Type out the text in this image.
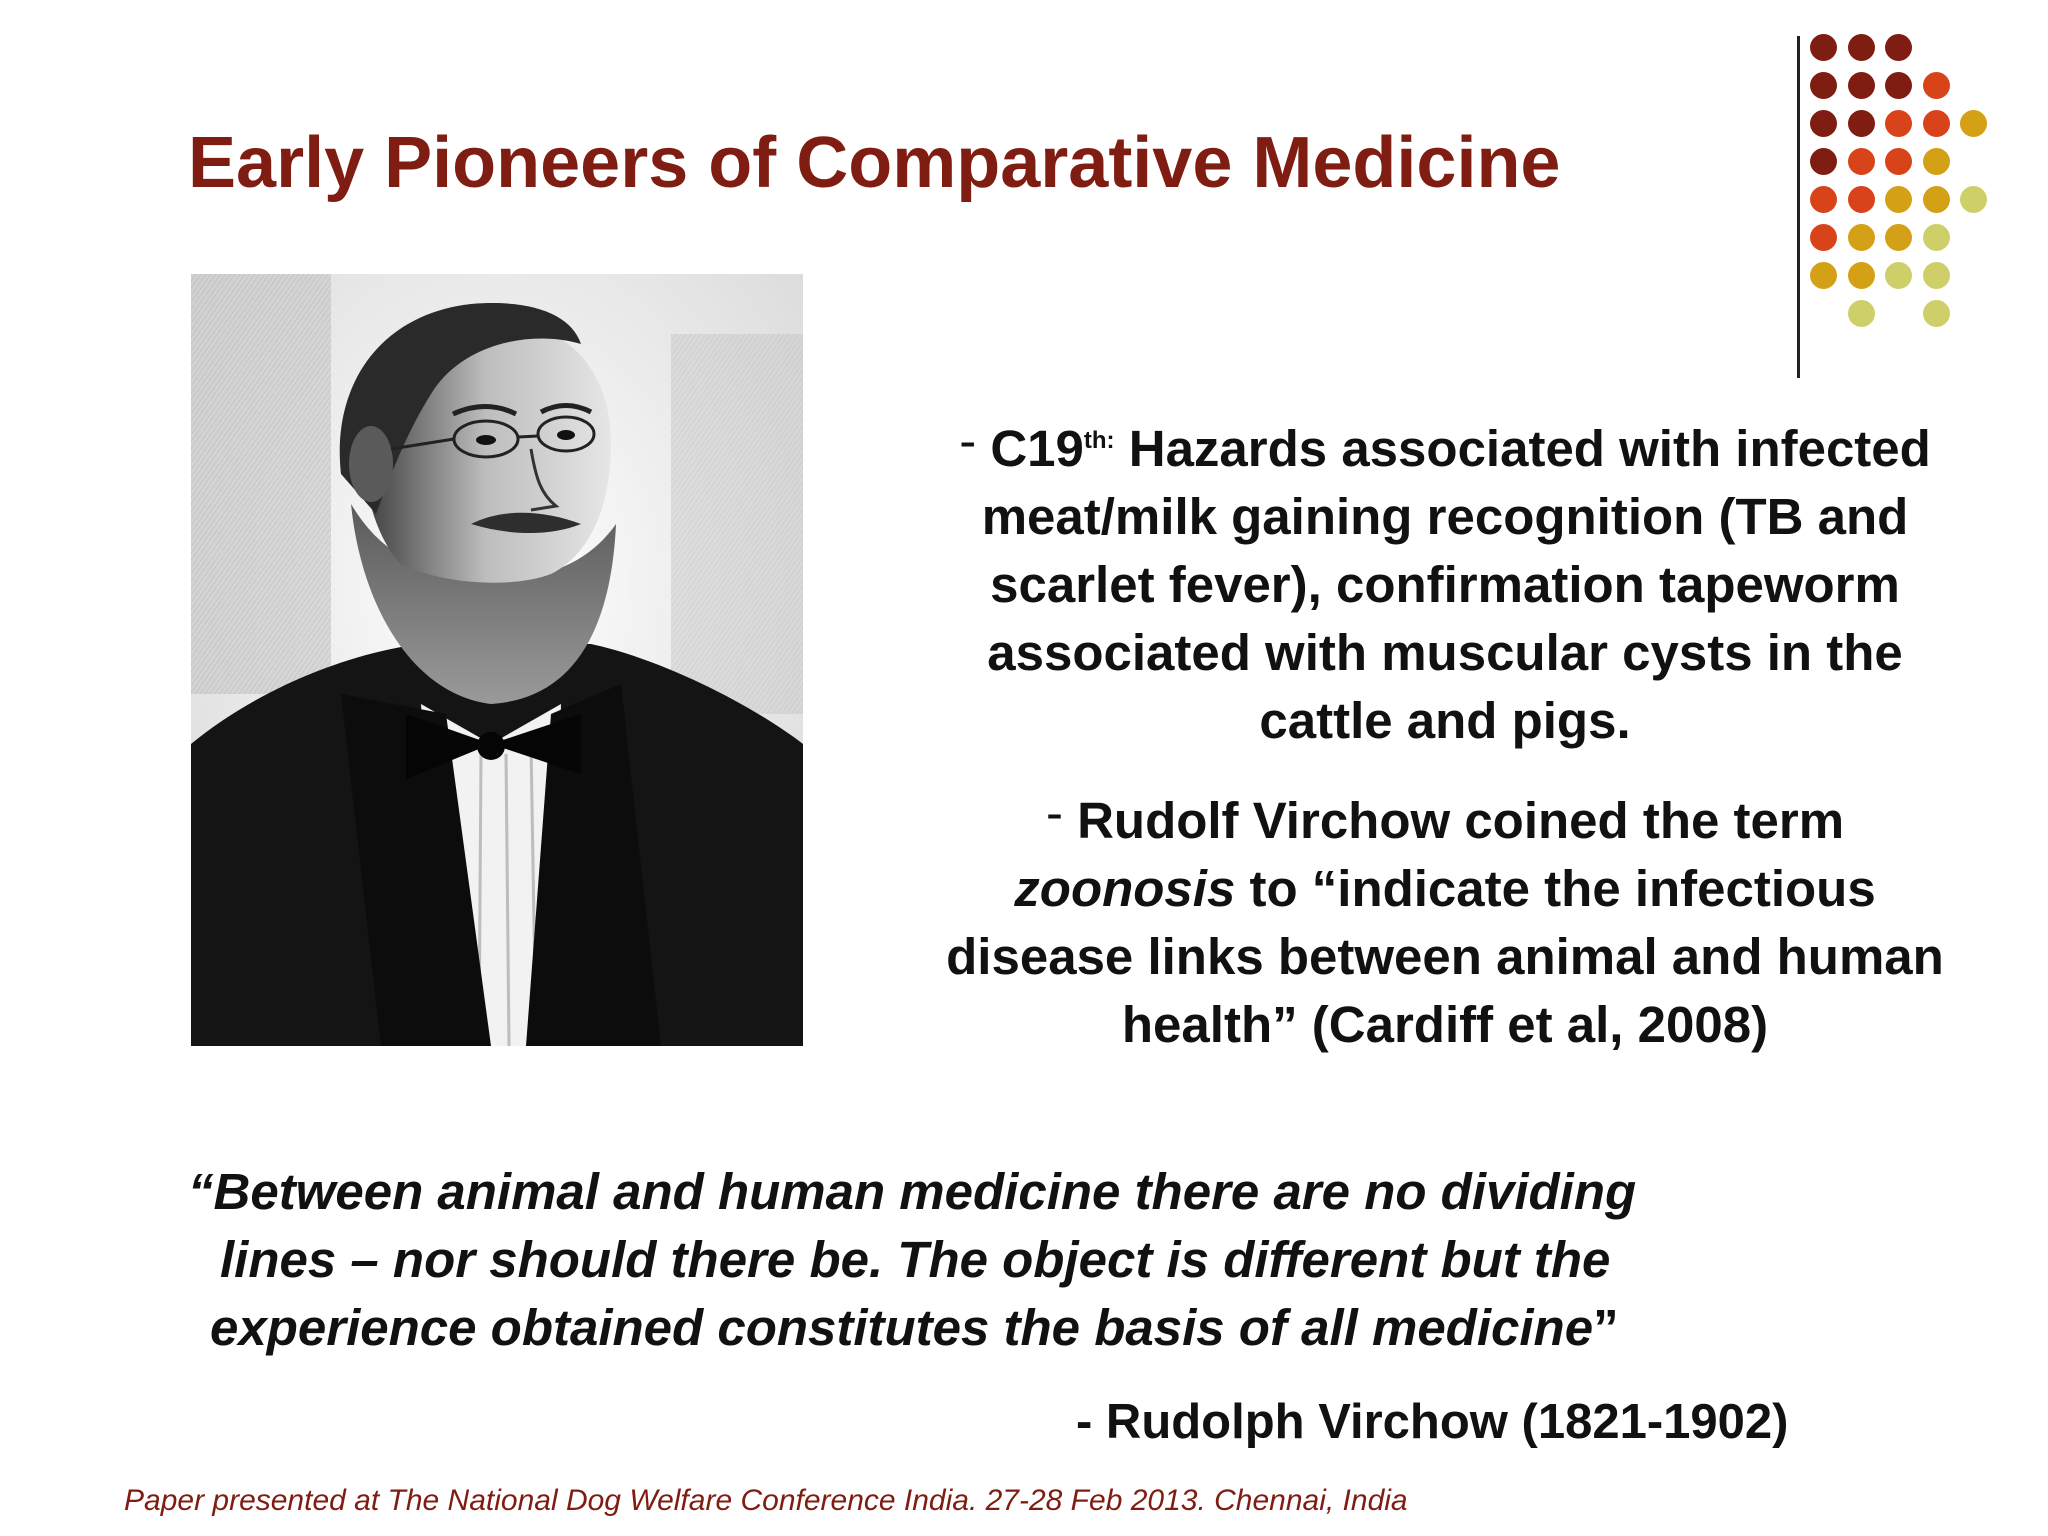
Early Pioneers of Comparative Medicine

- $C19^{th:}$ Hazards associated with infected meat/milk gaining recognition (TB and scarlet fever), confirmation tapeworm associated with muscular cysts in the cattle and pigs.

- Rudolf Virchow coined the term zoonosis to “indicate the infectious disease links between animal and human health” (Cardiff et al, 2008)

“Between animal and human medicine there are no dividing
lines – nor should there be. The object is different but the
experience obtained constitutes the basis of all medicine”
- Rudolph Virchow (1821-1902)
Paper presented at The National Dog Welfare Conference India. 27-28 Feb 2013. Chennai, India
